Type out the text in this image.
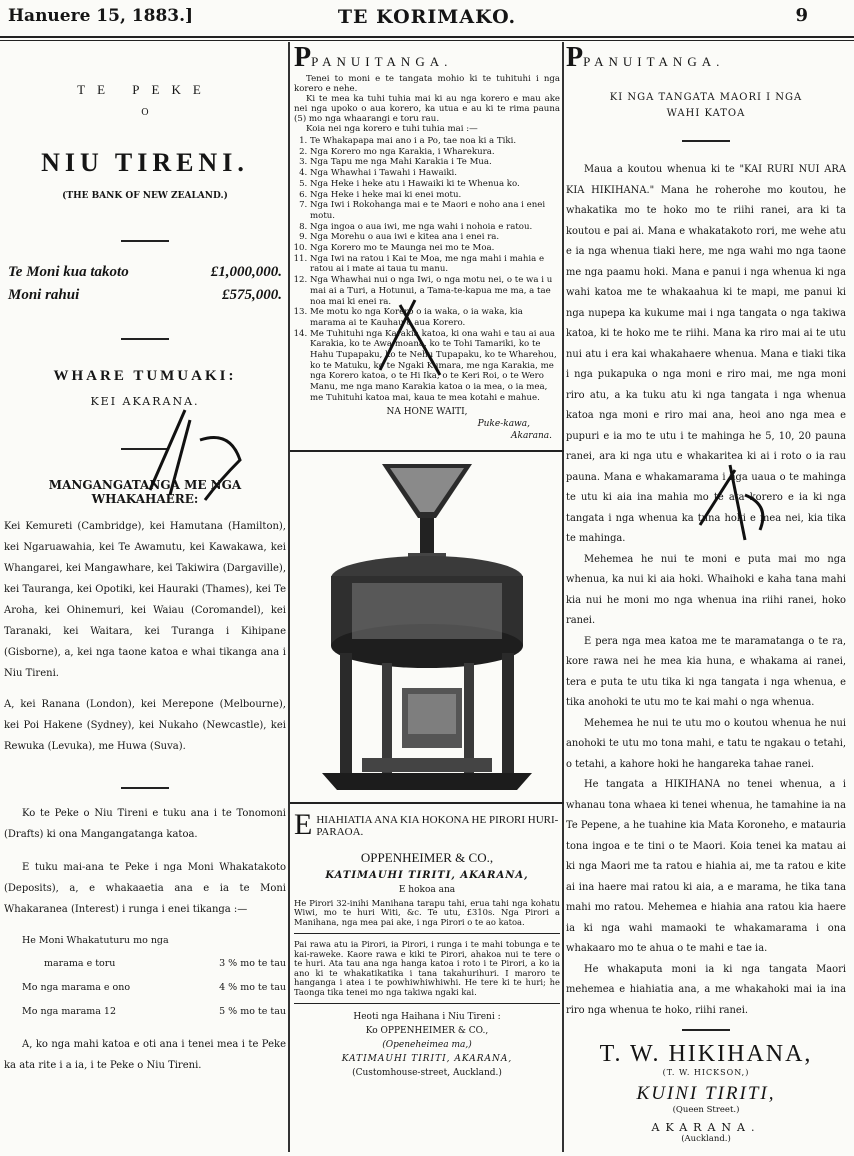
Hanuere 15, 1883.]	TE KORIMAKO.	9
TE PEKE
O
NIU TIRENI.
(THE BANK OF NEW ZEALAND.)
Te Moni kua takoto	£1,000,000.
Moni rahui	£575,000.
WHARE TUMUAKI:
KEI AKARANA.
MANGANGATANGA ME NGA WHAKAHAERE:

Kei Kemureti (Cambridge), kei Hamutana (Hamilton), kei Ngaruawahia, kei Te Awamutu, kei Kawakawa, kei Whangarei, kei Mangawhare, kei Takiwira (Dargaville), kei Tauranga, kei Opotiki, kei Hauraki (Thames), kei Te Aroha, kei Ohinemuri, kei Waiau (Coromandel), kei Taranaki, kei Waitara, kei Turanga i Kihipane (Gisborne), a, kei nga taone katoa e whai tikanga ana i Niu Tireni.

A, kei Ranana (London), kei Merepone (Melbourne), kei Poi Hakene (Sydney), kei Nukaho (Newcastle), kei Rewuka (Levuka), me Huwa (Suva).

Ko te Peke o Niu Tireni e tuku ana i te Tonomoni (Drafts) ki ona Mangangatanga katoa.

E tuku mai-ana te Peke i nga Moni Whakatakoto (Deposits), a, e whakaaetia ana e ia te Moni Whakaranea (Interest) i runga i enei tikanga :—

He Moni Whakatuturu mo nga
marama e toru	3 % mo te tau
Mo nga marama e ono	4 % mo te tau
Mo nga marama 12	5 % mo te tau

A, ko nga mahi katoa e oti ana i tenei mea i te Peke ka ata rite i a ia, i te Peke o Niu Tireni.

PPANUITANGA.
Tenei to moni e te tangata mohio ki te tuhituhi i nga korero e nehe.
Ki te mea ka tuhi tuhia mai ki au nga korero e mau ake nei nga upoko o aua korero, ka utua e au ki te rima pauna (5) mo nga whaarangi e toru rau.
Koia nei nga korero e tuhi tuhia mai :—
1. Te Whakapapa mai ano i a Po, tae noa ki a Tiki.
2. Nga Korero mo nga Karakia, i Wharekura.
3. Nga Tapu me nga Mahi Karakia i Te Mua.
4. Nga Whawhai i Tawahi i Hawaiki.
5. Nga Heke i heke atu i Hawaiki ki te Whenua ko.
6. Nga Heke i heke mai ki enei motu.
7. Nga Iwi i Rokohanga mai e te Maori e noho ana i enei motu.
8. Nga ingoa o aua iwi, me nga wahi i nohoia e ratou.
9. Nga Morehu o aua iwi e kitea ana i enei ra.
10. Nga Korero mo te Maunga nei mo te Moa.
11. Nga Iwi na ratou i Kai te Moa, me nga mahi i mahia e ratou ai i mate ai taua tu manu.
12. Nga Whawhai nui o nga Iwi, o nga motu nei, o te wa i u mai ai a Turi, a Hotunui, a Tama-te-kapua me ma, a tae noa mai ki enei ra.
13. Me motu ko nga Korero o ia waka, o ia waka, kia marama ai te Kauhau o aua Korero.
14. Me Tuhituhi nga Karakia katoa, ki ona wahi e tau ai aua Karakia, ko te Awa-moana, ko te Tohi Tamariki, ko te Hahu Tupapaku, ko te Nehu Tupapaku, ko te Wharehou, ko te Matuku, ko te Ngaki Kumara, me nga Karakia, me nga Korero katoa, o te Hi Ika, o te Keri Roi, o te Wero Manu, me nga mano Karakia katoa o ia mea, o ia mea, me Tuhituhi katoa mai, kaua te mea kotahi e mahue.
NA HONE WAITI,
Puke-kawa,
Akarana.
E HIAHIATIA ANA KIA HOKONA HE PIRORI HURI-PARAOA.
OPPENHEIMER & CO.,
KATIMAUHI TIRITI, AKARANA,
E hokoa ana
He Pirori 32-inihi Manihana tarapu tahi, erua tahi nga kohatu Wiwi, mo te huri Witi, &c. Te utu, £310s. Nga Pirori a Manihana, nga mea pai ake, i nga Pirori o te ao katoa.
Pai rawa atu ia Pirori, ia Pirori, i runga i te mahi tobunga e te kai-raweke. Kaore rawa e kiki te Pirori, ahakoa nui te tere o te huri. Ata tau ana nga hanga katoa i roto i te Pirori, a ko ia ano ki te whakatikatika i tana takahurihuri. I maroro te hanganga i atea i te powhiwhiwhiwhi. He tere ki te huri; he Taonga tika tenei mo nga takiwa ngaki kai.
Heoti nga Haihana i Niu Tireni :
Ko OPPENHEIMER & CO.,
(Openeheimea ma,)
KATIMAUHI TIRITI, AKARANA,
(Customhouse-street, Auckland.)
PPANUITANGA.
KI NGA TANGATA MAORI I NGA WAHI KATOA

Maua a koutou whenua ki te "KAI RURI NUI ARA KIA HIKIHANA." Mana he roherohe mo koutou, he whakatika mo te hoko mo te riihi ranei, ara ki ta koutou e pai ai. Mana e whakatakoto rori, me wehe atu e ia nga whenua tiaki here, me nga wahi mo nga taone me nga paamu hoki. Mana e panui i nga whenua ki nga wahi katoa me te whakaahua ki te mapi, me panui ki nga nupepa ka kukume mai i nga tangata o nga takiwa katoa, ki te hoko me te riihi. Mana ka riro mai ai te utu nui atu i era kai whakahaere whenua. Mana e tiaki tika i nga pukapuka o nga moni e riro mai, me nga moni riro atu, a ka tuku atu ki nga tangata i nga whenua katoa nga moni e riro mai ana, heoi ano nga mea e pupuri e ia mo te utu i te mahinga he 5, 10, 20 pauna ranei, ara ki nga utu e whakaritea ki ai i roto o ia rau pauna. Mana e whakamarama i nga uaua o te mahinga te utu ki aia ina mahia mo te ata korero e ia ki nga tangata i nga whenua ka tuna hoki e mea nei, kia tika te mahinga.

Mehemea he nui te moni e puta mai mo nga whenua, ka nui ki aia hoki. Whaihoki e kaha tana mahi kia nui he moni mo nga whenua ina riihi ranei, hoko ranei.

E pera nga mea katoa me te maramatanga o te ra, kore rawa nei he mea kia huna, e whakama ai ranei, tera e puta te utu tika ki nga tangata i nga whenua, e tika anohoki te utu mo te kai mahi o nga whenua.

Mehemea he nui te utu mo o koutou whenua he nui anohoki te utu mo tona mahi, e tatu te ngakau o tetahi, o tetahi, a kahore hoki he hangareka tahae ranei.

He tangata a HIKIHANA no tenei whenua, a i whanau tona whaea ki tenei whenua, he tamahine ia na Te Pepene, a he tuahine kia Mata Koroneho, e matauria tona ingoa e te tini o te Maori. Koia tenei ka matau ai ki nga Maori me ta ratou e hiahia ai, me ta ratou e kite ai ina haere mai ratou ki aia, a e marama, he tika tana mahi mo ratou. Mehemea e hiahia ana ratou kia haere ia ki nga wahi mamaoki te whakamarama i ona whakaaro mo te ahua o te mahi e tae ia.

He whakaputa moni ia ki nga tangata Maori mehemea e hiahiatia ana, a me whakahoki mai ia ina riro nga whenua te hoko, riihi ranei.

T. W. HIKIHANA,
(T. W. HICKSON,)
KUINI TIRITI,
(Queen Street.)
AKARANA.
(Auckland.)
